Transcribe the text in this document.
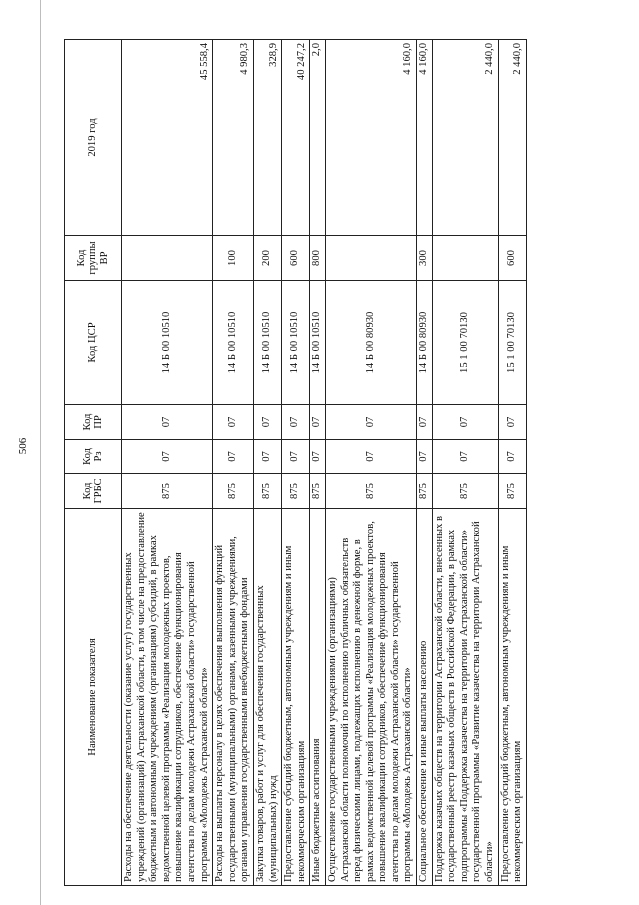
506
Наименование показателя	Код ГРБС	Код Рз	Код ПР	Код ЦСР	Код группы ВР	2019 год
Расходы на обеспечение деятельности (оказание услуг) государственных учреждений (организаций) Астраханской области, в том числе на предоставление бюджетным и автономным учреждениям (организациям) субсидий, в рамках ведомственной целевой программы «Реализация молодежных проектов, повышение квалификации сотрудников, обеспечение функционирования агентства по делам молодежи Астраханской области» государственной программы «Молодежь Астраханской области»	875	07	07	14 Б 00 10510		45 558,4
Расходы на выплаты персоналу в целях обеспечения выполнения функций государственными (муниципальными) органами, казенными учреждениями, органами управления государственными внебюджетными фондами	875	07	07	14 Б 00 10510	100	4 980,3
Закупка товаров, работ и услуг для обеспечения государственных (муниципальных) нужд	875	07	07	14 Б 00 10510	200	328,9
Предоставление субсидий бюджетным, автономным учреждениям и иным некоммерческим организациям	875	07	07	14 Б 00 10510	600	40 247,2
Иные бюджетные ассигнования	875	07	07	14 Б 00 10510	800	2,0
Осуществление государственными учреждениями (организациями) Астраханской области полномочий по исполнению публичных обязательств перед физическими лицами, подлежащих исполнению в денежной форме, в рамках ведомственной целевой программы «Реализация молодежных проектов, повышение квалификации сотрудников, обеспечение функционирования агентства по делам молодежи Астраханской области» государственной программы «Молодежь Астраханской области»	875	07	07	14 Б 00 80930		4 160,0
Социальное обеспечение и иные выплаты населению	875	07	07	14 Б 00 80930	300	4 160,0
Поддержка казачьих обществ на территории Астраханской области, внесенных в государственный реестр казачьих обществ в Российской Федерации, в рамках подпрограммы «Поддержка казачества на территории Астраханской области» государственной программы «Развитие казачества на территории Астраханской области»	875	07	07	15 1 00 70130		2 440,0
Предоставление субсидий бюджетным, автономным учреждениям и иным некоммерческим организациям	875	07	07	15 1 00 70130	600	2 440,0
